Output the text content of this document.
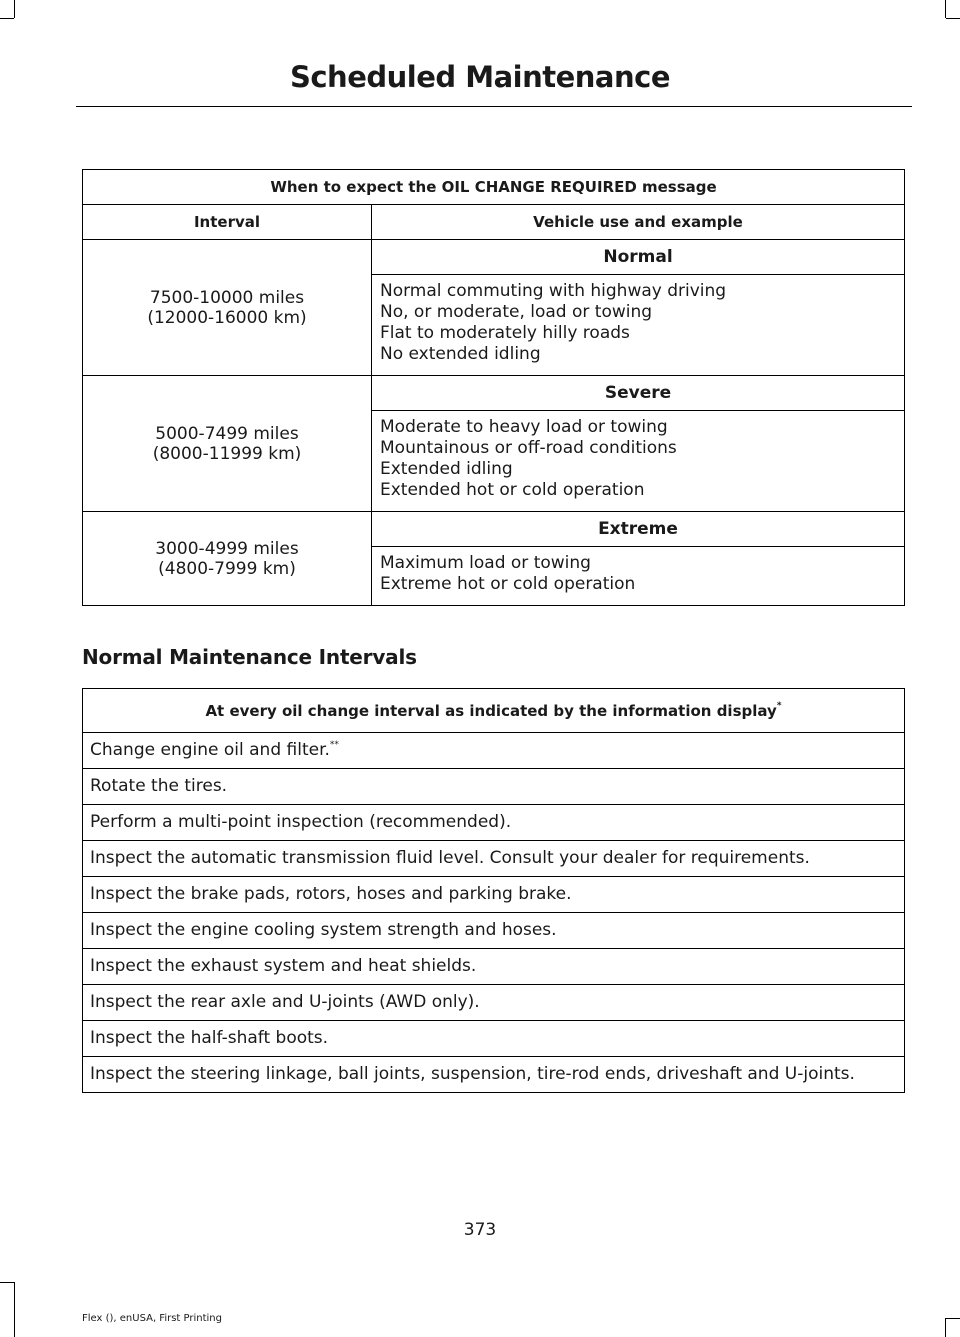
Scheduled Maintenance
When to expect the OIL CHANGE REQUIRED message	
Interval	Vehicle use and example

7500-10000 miles
(12000-16000 km)	Normal

	Normal commuting with highway driving
No, or moderate, load or towing
Flat to moderately hilly roads
No extended idling

5000-7499 miles
(8000-11999 km)	Severe

	Moderate to heavy load or towing
Mountainous or off-road conditions
Extended idling
Extended hot or cold operation

3000-4999 miles
(4800-7999 km)	Extreme

	Maximum load or towing
Extreme hot or cold operation
Normal Maintenance Intervals
At every oil change interval as indicated by the information display*
Change engine oil and filter.**
Rotate the tires.
Perform a multi-point inspection (recommended).
Inspect the automatic transmission fluid level. Consult your dealer for requirements.
Inspect the brake pads, rotors, hoses and parking brake.
Inspect the engine cooling system strength and hoses.
Inspect the exhaust system and heat shields.
Inspect the rear axle and U-joints (AWD only).
Inspect the half-shaft boots.
Inspect the steering linkage, ball joints, suspension, tire-rod ends, driveshaft and U-joints.
373
Flex (), enUSA, First Printing
